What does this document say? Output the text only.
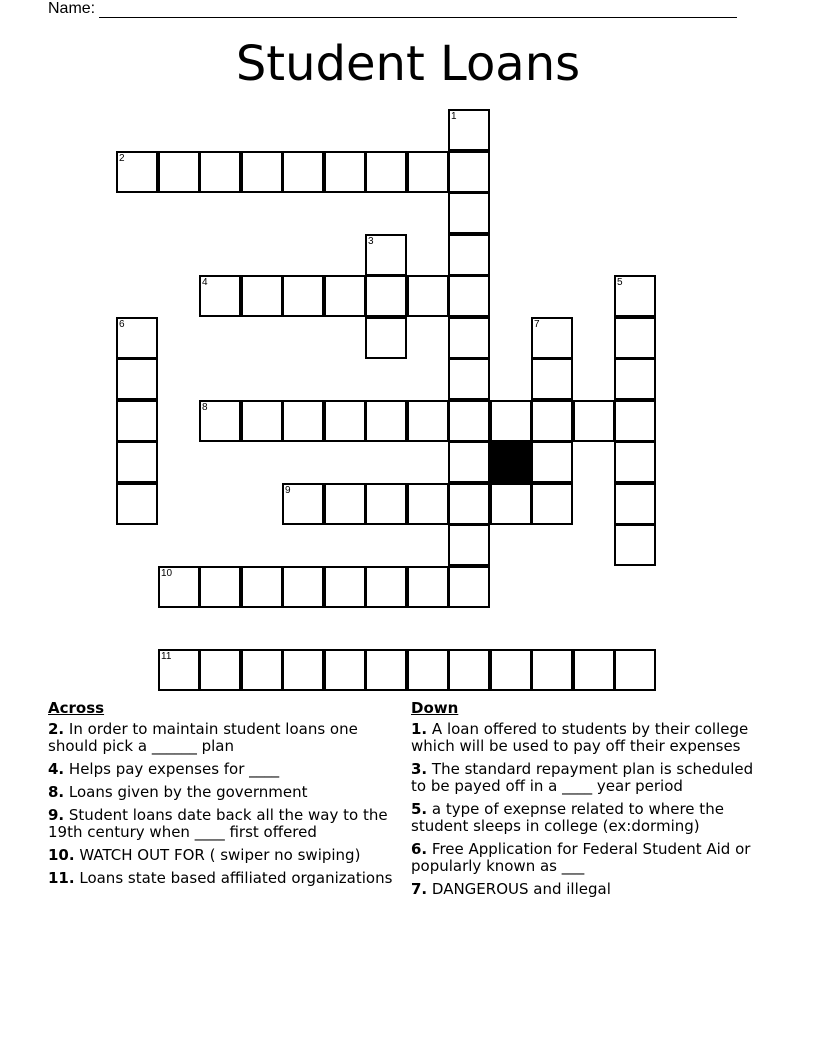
Name:
Student Loans
1
2
3
4	5
6	7
8
9
10
11
Across
2. In order to maintain student loans one should pick a ______ plan
4. Helps pay expenses for ____
8. Loans given by the government
9. Student loans date back all the way to the 19th century when ____ first offered
10. WATCH OUT FOR ( swiper no swiping)
11. Loans state based affiliated organizations
Down
1. A loan offered to students by their college which will be used to pay off their expenses
3. The standard repayment plan is scheduled to be payed off in a ____ year period
5. a type of exepnse related to where the student sleeps in college (ex:dorming)
6. Free Application for Federal Student Aid or popularly known as ___
7. DANGEROUS and illegal
